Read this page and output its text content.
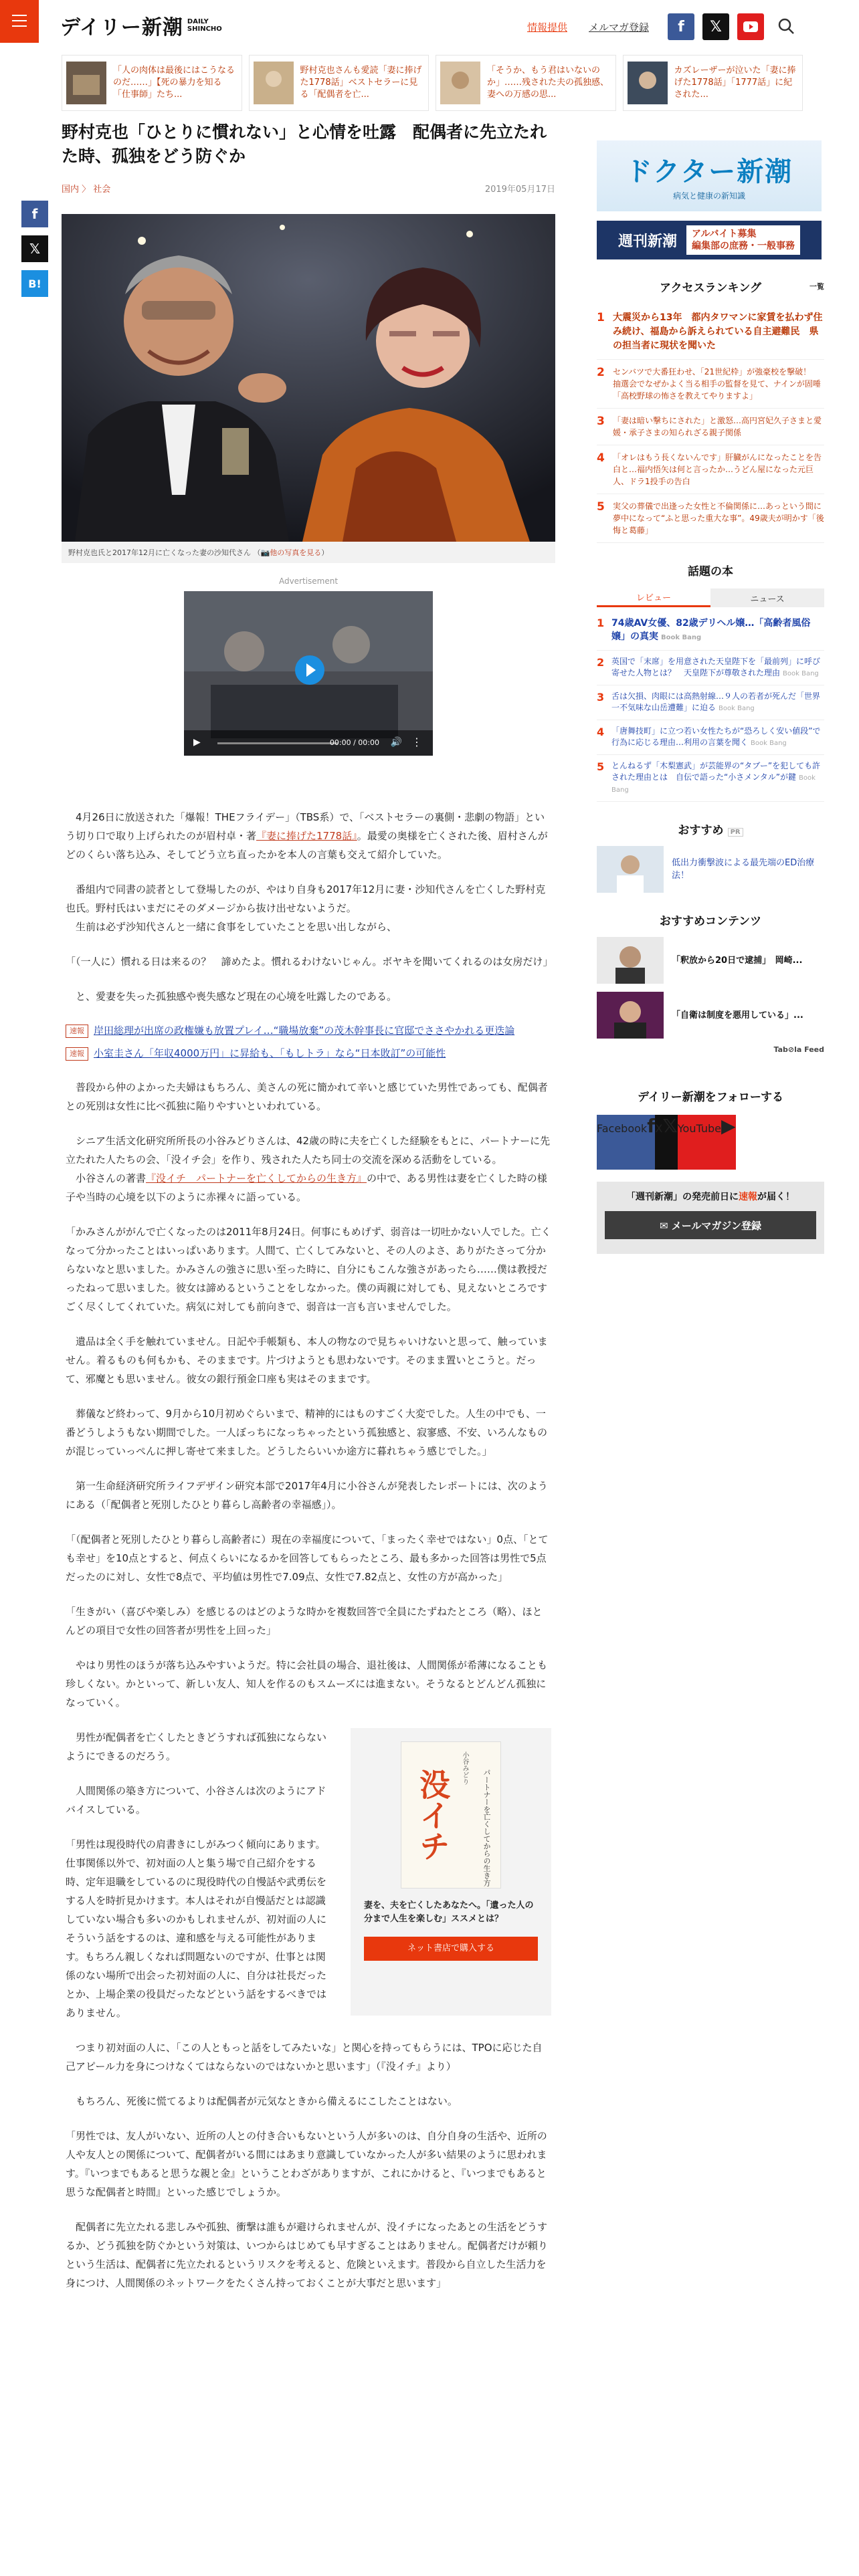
デイリー新潮 DAILY
SHINCHO	情報提供 メルマガ登録	f	𝕏
「人の肉体は最後にはこうなるのだ……」【死の暴力を知る「仕事師」たち...
野村克也さんも愛読「妻に捧げた1778話」ベストセラーに見る「配偶者を亡...
「そうか、もう君はいないのか」……残された夫の孤独感、妻への万感の思...
カズレーザーが泣いた「妻に捧げた1778話」「1777話」に紀された...
f
𝕏
B!
野村克也「ひとりに慣れない」と心情を吐露　配偶者に先立たれた時、孤独をどう防ぐか
国内 〉 社会	2019年05月17日
野村克也氏と2017年12月に亡くなった妻の沙知代さん （📷他の写真を見る）
Advertisement
▶	00:00 / 00:00 🔊 ⋮

　4月26日に放送された「爆報！THEフライデー」（TBS系）で、「ベストセラーの裏側・悲劇の物語」という切り口で取り上げられたのが眉村卓・著『妻に捧げた1778話』。最愛の奥様を亡くされた後、眉村さんがどのくらい落ち込み、そしてどう立ち直ったかを本人の言葉も交えて紹介していた。

　番組内で同書の読者として登場したのが、やはり自身も2017年12月に妻・沙知代さんを亡くした野村克也氏。野村氏はいまだにそのダメージから抜け出せないようだ。
　生前は必ず沙知代さんと一緒に食事をしていたことを思い出しながら、

「（一人に）慣れる日は来るの？　諦めたよ。慣れるわけないじゃん。ボヤキを聞いてくれるのは女房だけ」

　と、愛妻を失った孤独感や喪失感など現在の心境を吐露したのである。

速報 岸田総理が出席の政権嫌も放置プレイ…“職場放棄”の茂木幹事長に官邸でささやかれる更迭論
速報 小室圭さん「年収4000万円」に昇給も、「もしトラ」なら“日本敗訂”の可能性

　普段から仲のよかった夫婦はもちろん、美さんの死に簡かれて辛いと感じていた男性であっても、配偶者との死別は女性に比べ孤独に陥りやすいといわれている。

　シニア生活文化研究所所長の小谷みどりさんは、42歳の時に夫を亡くした経験をもとに、パートナーに先立たれた人たちの会、「没イチ会」を作り、残された人たち同士の交流を深める活動をしている。
　小谷さんの著書『没イチ　パートナーを亡くしてからの生き方』の中で、ある男性は妻を亡くした時の様子や当時の心境を以下のように赤裸々に語っている。

「かみさんががんで亡くなったのは2011年8月24日。何事にもめげず、弱音は一切吐かない人でした。亡くなって分かったことはいっぱいあります。人間て、亡くしてみないと、その人のよさ、ありがたさって分からないなと思いました。かみさんの強さに思い至った時に、自分にもこんな強さがあったら……僕は教授だったねって思いました。彼女は諦めるということをしなかった。僕の両親に対しても、見えないところですごく尽くしてくれていた。病気に対しても前向きで、弱音は一言も言いませんでした。

　遺品は全く手を触れていません。日記や手帳類も、本人の物なので見ちゃいけないと思って、触っていません。着るものも何もかも、そのままです。片づけようとも思わないです。そのまま置いとこうと。だって、邪魔とも思いません。彼女の銀行預金口座も実はそのままです。

　葬儀など終わって、9月から10月初めぐらいまで、精神的にはものすごく大変でした。人生の中でも、一番どうしようもない期間でした。一人ぼっちになっちゃったという孤独感と、寂寥感、不安、いろんなものが混じっていっぺんに押し寄せて来ました。どうしたらいいか途方に暮れちゃう感じでした。」

　第一生命経済研究所ライフデザイン研究本部で2017年4月に小谷さんが発表したレポートには、次のようにある（「配偶者と死別したひとり暮らし高齢者の幸福感」）。

「（配偶者と死別したひとり暮らし高齢者に）現在の幸福度について、「まったく幸せではない」0点、「とても幸せ」を10点とすると、何点くらいになるかを回答してもらったところ、最も多かった回答は男性で5点だったのに対し、女性で8点で、平均値は男性で7.09点、女性で7.82点と、女性の方が高かった」

「生きがい（喜びや楽しみ）を感じるのはどのような時かを複数回答で全員にたずねたところ（略）、ほとんどの項目で女性の回答者が男性を上回った」

　やはり男性のほうが落ち込みやすいようだ。特に会社員の場合、退社後は、人間関係が希薄になることも珍しくない。かといって、新しい友人、知人を作るのもスムーズには進まない。そうなるとどんどん孤独になっていく。

没イチ	パートナーを亡くしてからの生き方
小谷みどり
妻を、夫を亡くしたあなたへ。「遺った人の分まで人生を楽しむ」ススメとは？
ネット書店で購入する

　男性が配偶者を亡くしたときどうすれば孤独にならないようにできるのだろう。

　人間関係の築き方について、小谷さんは次のようにアドバイスしている。

「男性は現役時代の肩書きにしがみつく傾向にあります。仕事関係以外で、初対面の人と集う場で自己紹介をする時、定年退職をしているのに現役時代の自慢話や武勇伝をする人を時折見かけます。本人はそれが自慢話だとは認識していない場合も多いのかもしれませんが、初対面の人にそういう話をするのは、違和感を与える可能性があります。もちろん親しくなれば問題ないのですが、仕事とは関係のない場所で出会った初対面の人に、自分は社長だったとか、上場企業の役員だったなどという話をするべきではありません。

　つまり初対面の人に、「この人ともっと話をしてみたいな」と関心を持ってもらうには、TPOに応じた自己アピール力を身につけなくてはならないのではないかと思います」（『没イチ』より）

　もちろん、死後に慌てるよりは配偶者が元気なときから備えるにこしたことはない。

「男性では、友人がいない、近所の人との付き合いもないという人が多いのは、自分自身の生活や、近所の人や友人との関係について、配偶者がいる間にはあまり意識していなかった人が多い結果のように思われます。『いつまでもあると思うな親と金』ということわざがありますが、これにかけると、『いつまでもあると思うな配偶者と時間』といった感じでしょうか。

　配偶者に先立たれる悲しみや孤独、衝撃は誰もが避けられませんが、没イチになったあとの生活をどうするか、どう孤独を防ぐかという対策は、いつからはじめても早すぎることはありません。配偶者だけが頼りという生活は、配偶者に先立たれるというリスクを考えると、危険といえます。普段から自立した生活力を身につけ、人間関係のネットワークをたくさん持っておくことが大事だと思います」

ドクター新潮
病気と健康の新知識
週刊新潮	アルバイト募集
編集部の庶務・一般事務
アクセスランキング	一覧
1 大震災から13年　都内タワマンに家賃を払わず住み続け、福島から訴えられている自主避難民　県の担当者に現状を聞いた
2	センバツで大番狂わせ、「21世紀枠」が強豪校を撃破！　抽選会でなぜかよく当る相手の監督を見て、ナインが固唾　「高校野球の怖さを教えてやりますよ」
3	「妻は暗い撃ちにされた」と激怒…高円宮妃久子さまと愛媛・承子さまの知られざる親子関係
4	「オレはもう長くないんです」肝臓がんになったことを告白と…福内悟矢は何と言ったか…うどん屋になった元巨人、ドラ1投手の告白
5	実父の葬儀で出逢った女性と不倫関係に…あっという間に夢中になって“ふと思った重大な事”。49歳夫が明かす「後悔と葛藤」
話題の本
レビュー	ニュース
1 74歳AV女優、82歳デリヘル嬢…「高齢者風俗嬢」の真実 Book Bang
2 英国で「末席」を用意された天皇陛下を「最前列」に呼び寄せた人物とは？　天皇陛下が尊敬された理由 Book Bang
3 舌は欠損、肉眼には高熱射線…９人の若者が死んだ「世界一不気味な山岳遭難」に迫る Book Bang
4 「唐舞技町」に立つ若い女性たちが“恐ろしく安い値段”で行為に応じる理由…利用の言葉を聞く Book Bang
5 とんねるず「木梨憲武」が芸能界の“タブー”を犯しても許された理由とは　自伝で語った“小さメンタル”が鍵 Book Bang
おすすめ PR
低出力衝撃波による最先端のED治療法！
おすすめコンテンツ
「釈放から20日で逮捕」　岡崎...
「自衛は制度を悪用している」...
Tab⊘la Feed
デイリー新潮をフォローする
Facebookf X𝕏 YouTube▶
「週刊新潮」の発売前日に速報が届く！
✉ メールマガジン登録
